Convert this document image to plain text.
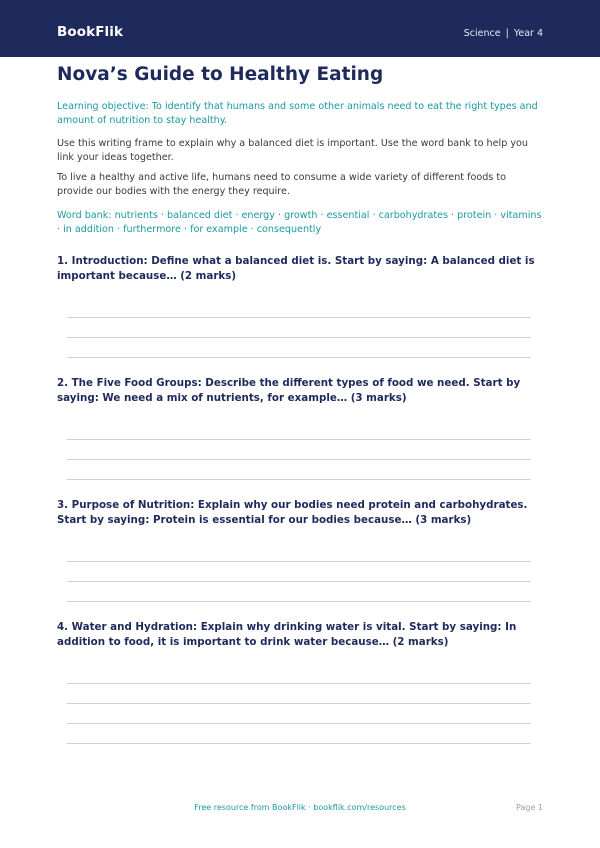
BookFlik	Science | Year 4
Nova’s Guide to Healthy Eating

Learning objective: To identify that humans and some other animals need to eat the right types and amount of nutrition to stay healthy.

Use this writing frame to explain why a balanced diet is important. Use the word bank to help you link your ideas together.

To live a healthy and active life, humans need to consume a wide variety of different foods to provide our bodies with the energy they require.

Word bank: nutrients · balanced diet · energy · growth · essential · carbohydrates · protein · vitamins · in addition · furthermore · for example · consequently

1. Introduction: Define what a balanced diet is. Start by saying: A balanced diet is important because… (2 marks)

2. The Five Food Groups: Describe the different types of food we need. Start by saying: We need a mix of nutrients, for example… (3 marks)

3. Purpose of Nutrition: Explain why our bodies need protein and carbohydrates. Start by saying: Protein is essential for our bodies because… (3 marks)

4. Water and Hydration: Explain why drinking water is vital. Start by saying: In addition to food, it is important to drink water because… (2 marks)

Free resource from BookFlik · bookflik.com/resources	Page 1
